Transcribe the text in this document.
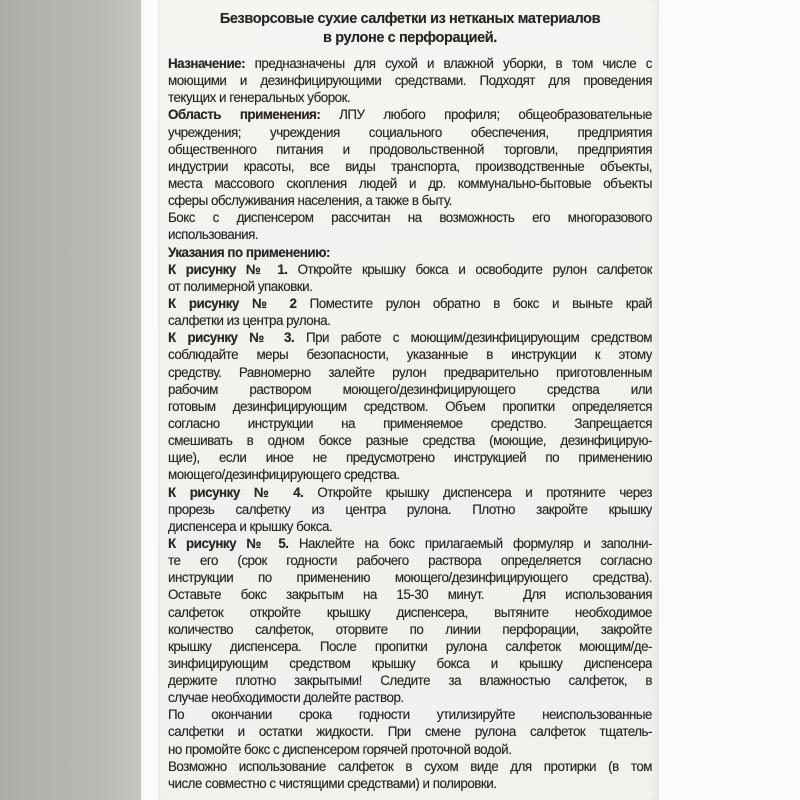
Безворсовые сухие салфетки из нетканых материалов
в рулоне с перфорацией.
Назначение: предназначены для сухой и влажной уборки, в том числе с
моющими и дезинфицирующими средствами. Подходят для проведения
текущих и генеральных уборок.
Область применения: ЛПУ любого профиля; общеобразовательные
учреждения; учреждения социального обеспечения, предприятия
общественного питания и продовольственной торговли, предприятия
индустрии красоты, все виды транспорта, производственные объекты,
места массового скопления людей и др. коммунально-бытовые объекты
сферы обслуживания населения, а также в быту.
Бокс с диспенсером рассчитан на возможность его многоразового
использования.
Указания по применению:
К рисунку № 1. Откройте крышку бокса и освободите рулон салфеток
от полимерной упаковки.
К рисунку № 2 Поместите рулон обратно в бокс и выньте край
салфетки из центра рулона.
К рисунку № 3. При работе с моющим/дезинфицирующим средством
соблюдайте меры безопасности, указанные в инструкции к этому
средству. Равномерно залейте рулон предварительно приготовленным
рабочим раствором моющего/дезинфицирующего средства или
готовым дезинфицирующим средством. Объем пропитки определяется
согласно инструкции на применяемое средство. Запрещается
смешивать в одном боксе разные средства (моющие, дезинфицирую-
щие), если иное не предусмотрено инструкцией по применению
моющего/дезинфицирующего средства.
К рисунку № 4. Откройте крышку диспенсера и протяните через
прорезь салфетку из центра рулона. Плотно закройте крышку
диспенсера и крышку бокса.
К рисунку № 5. Наклейте на бокс прилагаемый формуляр и заполни-
те его (срок годности рабочего раствора определяется согласно
инструкции по применению моющего/дезинфицирующего средства).
Оставьте бокс закрытым на 15-30 минут.  Для использования
салфеток откройте крышку диспенсера, вытяните необходимое
количество салфеток, оторвите по линии перфорации, закройте
крышку диспенсера. После пропитки рулона салфеток моющим/де-
зинфицирующим средством крышку бокса и крышку диспенсера
держите плотно закрытыми! Следите за влажностью салфеток, в
случае необходимости долейте раствор.
По окончании срока годности утилизируйте неиспользованные
салфетки и остатки жидкости. При смене рулона салфеток тщатель-
но промойте бокс с диспенсером горячей проточной водой.
Возможно использование салфеток в сухом виде для протирки (в том
числе совместно с чистящими средствами) и полировки.
